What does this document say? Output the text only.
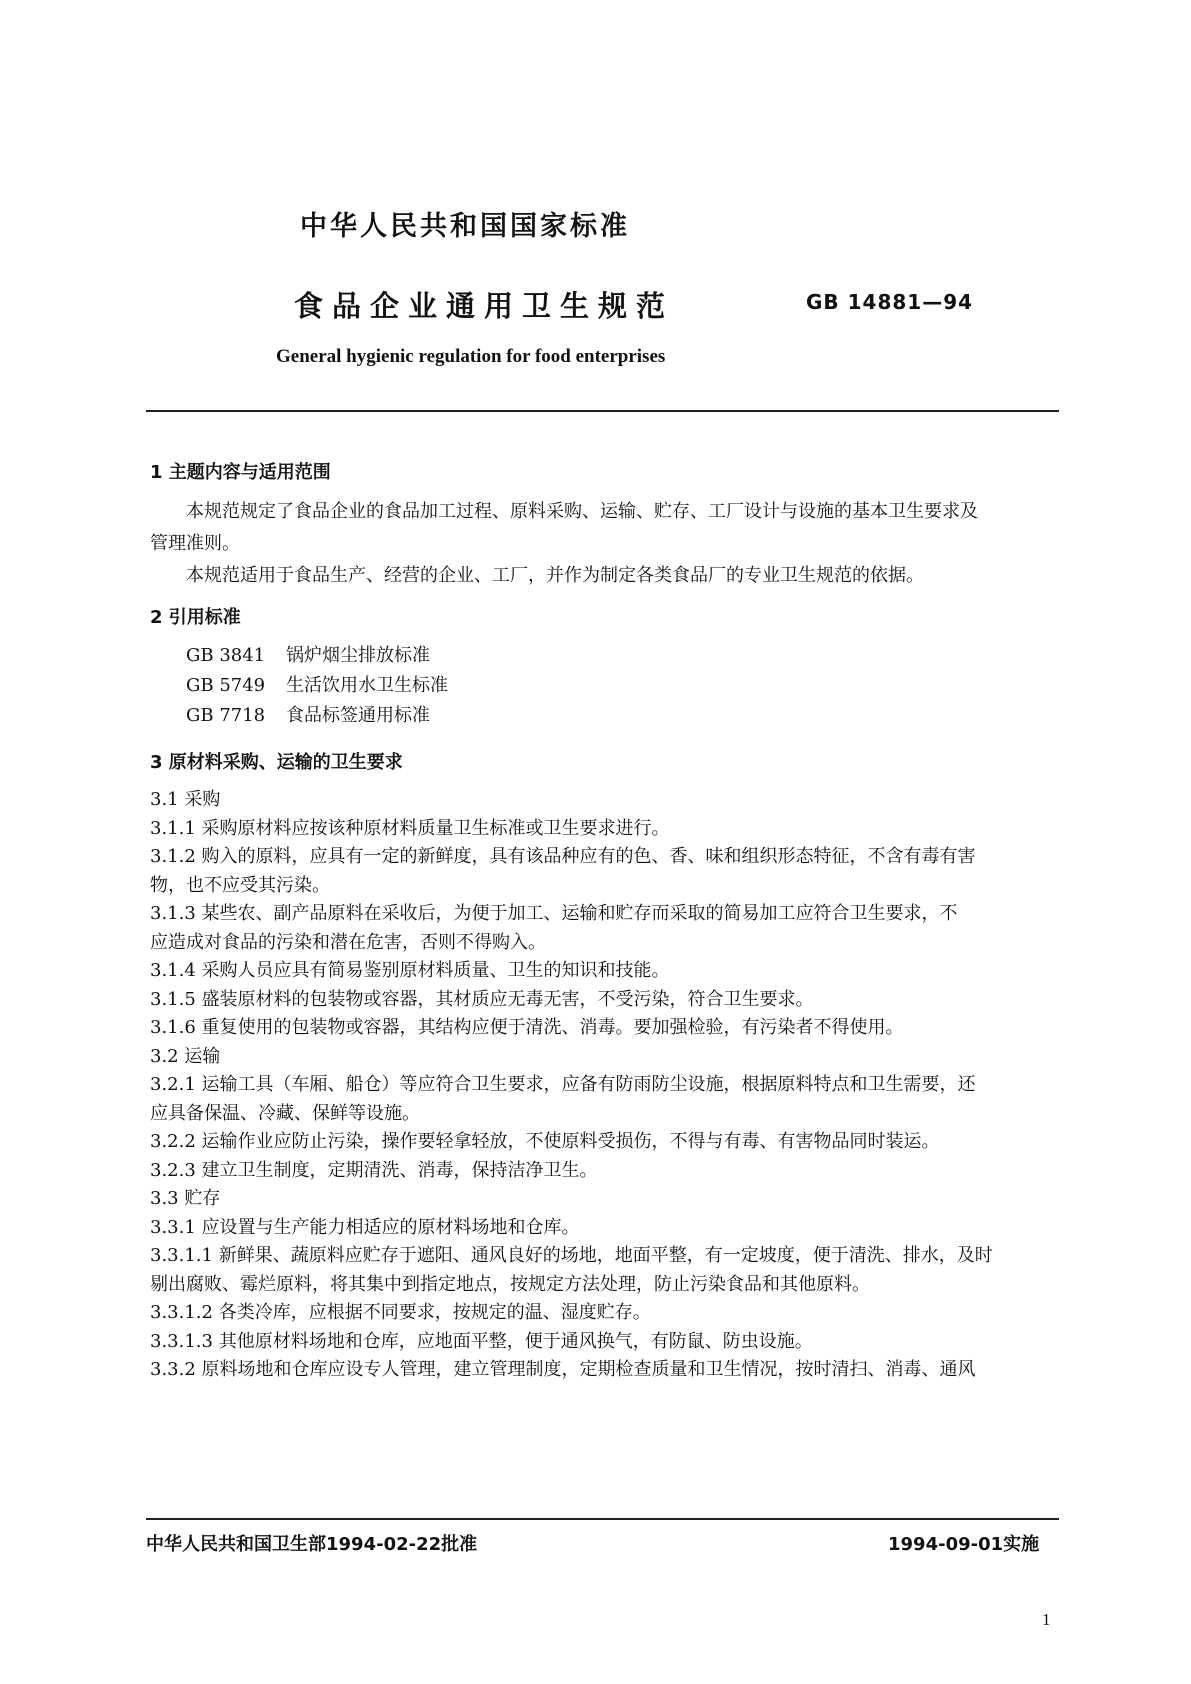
中华人民共和国国家标准
食品企业通用卫生规范	GB 14881—94
General hygienic regulation for food enterprises
1 主题内容与适用范围
本规范规定了食品企业的食品加工过程、原料采购、运输、贮存、工厂设计与设施的基本卫生要求及
管理准则。
本规范适用于食品生产、经营的企业、工厂，并作为制定各类食品厂的专业卫生规范的依据。
2 引用标准
GB 3841 锅炉烟尘排放标准
GB 5749 生活饮用水卫生标准
GB 7718 食品标签通用标准
3 原材料采购、运输的卫生要求
3.1 采购
3.1.1 采购原材料应按该种原材料质量卫生标准或卫生要求进行。
3.1.2 购入的原料，应具有一定的新鲜度，具有该品种应有的色、香、味和组织形态特征，不含有毒有害
物，也不应受其污染。
3.1.3 某些农、副产品原料在采收后，为便于加工、运输和贮存而采取的简易加工应符合卫生要求，不
应造成对食品的污染和潜在危害，否则不得购入。
3.1.4 采购人员应具有简易鉴别原材料质量、卫生的知识和技能。
3.1.5 盛装原材料的包装物或容器，其材质应无毒无害，不受污染，符合卫生要求。
3.1.6 重复使用的包装物或容器，其结构应便于清洗、消毒。要加强检验，有污染者不得使用。
3.2 运输
3.2.1 运输工具（车厢、船仓）等应符合卫生要求，应备有防雨防尘设施，根据原料特点和卫生需要，还
应具备保温、冷藏、保鲜等设施。
3.2.2 运输作业应防止污染，操作要轻拿轻放，不使原料受损伤，不得与有毒、有害物品同时装运。
3.2.3 建立卫生制度，定期清洗、消毒，保持洁净卫生。
3.3 贮存
3.3.1 应设置与生产能力相适应的原材料场地和仓库。
3.3.1.1 新鲜果、蔬原料应贮存于遮阳、通风良好的场地，地面平整，有一定坡度，便于清洗、排水，及时
剔出腐败、霉烂原料，将其集中到指定地点，按规定方法处理，防止污染食品和其他原料。
3.3.1.2 各类冷库，应根据不同要求，按规定的温、湿度贮存。
3.3.1.3 其他原材料场地和仓库，应地面平整，便于通风换气，有防鼠、防虫设施。
3.3.2 原料场地和仓库应设专人管理，建立管理制度，定期检查质量和卫生情况，按时清扫、消毒、通风
中华人民共和国卫生部1994-02-22批准	1994-09-01实施
1
